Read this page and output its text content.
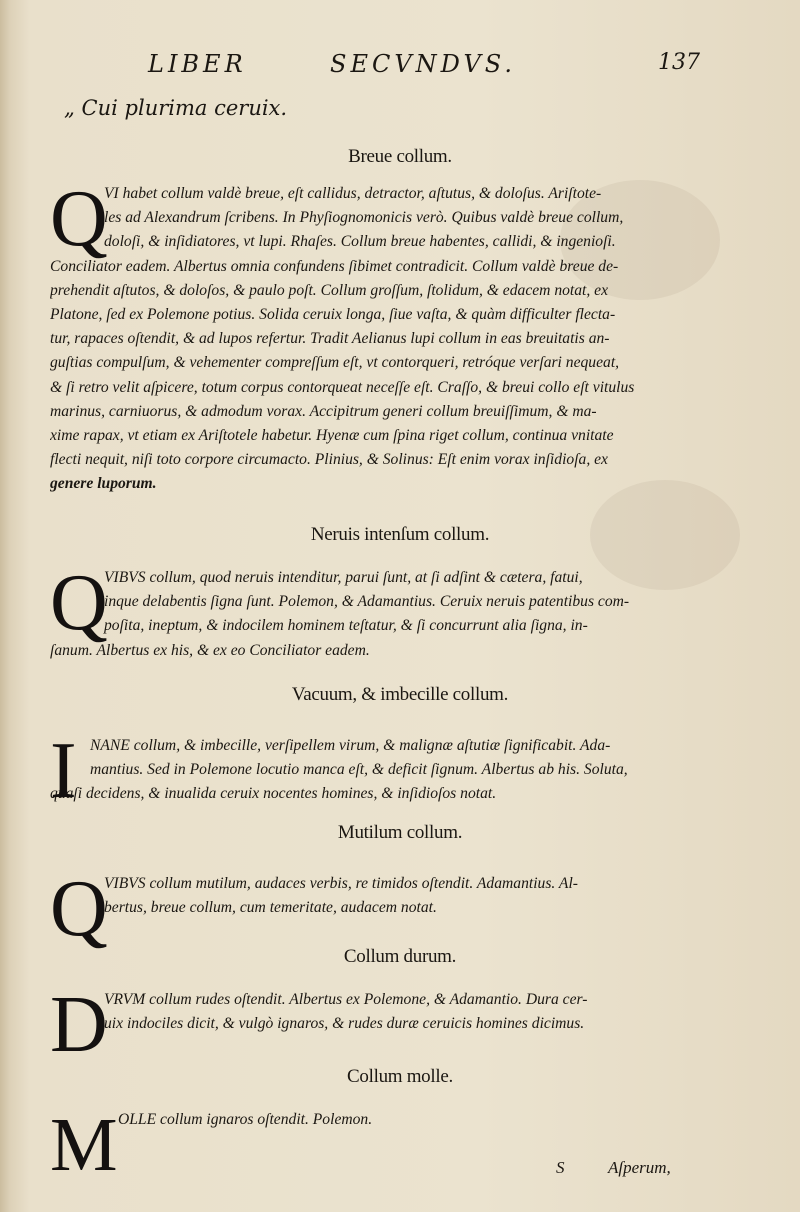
LIBER	SECVNDVS.	137
„ Cui plurima ceruix.
Breue collum.
Q
VI habet collum valdè breue, eſt callidus, detractor, aſtutus, & doloſus. Ariſtote-
les ad Alexandrum ſcribens. In Phyſiognomonicis verò. Quibus valdè breue collum,
doloſi, & inſidiatores, vt lupi. Rhaſes. Collum breue habentes, callidi, & ingenioſi.
Conciliator eadem. Albertus omnia confundens ſibimet contradicit. Collum valdè breue de-
prehendit aſtutos, & doloſos, & paulo poſt. Collum groſſum, ſtolidum, & edacem notat, ex
Platone, ſed ex Polemone potius. Solida ceruix longa, ſiue vaſta, & quàm difficulter flecta-
tur, rapaces oſtendit, & ad lupos refertur. Tradit Aelianus lupi collum in eas breuitatis an-
guſtias compulſum, & vehementer compreſſum eſt, vt contorqueri, retróque verſari nequeat,
& ſi retro velit aſpicere, totum corpus contorqueat neceſſe eſt. Craſſo, & breui collo eſt vitulus
marinus, carniuorus, & admodum vorax. Accipitrum generi collum breuiſſimum, & ma-
xime rapax, vt etiam ex Ariſtotele habetur. Hyenæ cum ſpina riget collum, continua vnitate
flecti nequit, niſi toto corpore circumacto. Plinius, & Solinus: Eſt enim vorax inſidioſa, ex
genere luporum.
Neruis intenſum collum.
Q
VIBVS collum, quod neruis intenditur, parui ſunt, at ſi adſint & cætera, fatui,
inque delabentis ſigna ſunt. Polemon, & Adamantius. Ceruix neruis patentibus com-
poſita, ineptum, & indocilem hominem teſtatur, & ſi concurrunt alia ſigna, in-
ſanum. Albertus ex his, & ex eo Conciliator eadem.
Vacuum, & imbecille collum.
I NANE collum, & imbecille, verſipellem virum, & malignæ aſtutiæ ſignificabit. Ada-
mantius. Sed in Polemone locutio manca eſt, & deficit ſignum. Albertus ab his. Soluta,
quaſi decidens, & inualida ceruix nocentes homines, & inſidioſos notat.
Mutilum collum.
Q
VIBVS collum mutilum, audaces verbis, re timidos oſtendit. Adamantius. Al-
bertus, breue collum, cum temeritate, audacem notat.
Collum durum.
D
VRVM collum rudes oſtendit. Albertus ex Polemone, & Adamantio. Dura cer-
uix indociles dicit, & vulgò ignaros, & rudes duræ ceruicis homines dicimus.
Collum molle.
M OLLE collum ignaros oſtendit. Polemon.
S	Aſperum,
